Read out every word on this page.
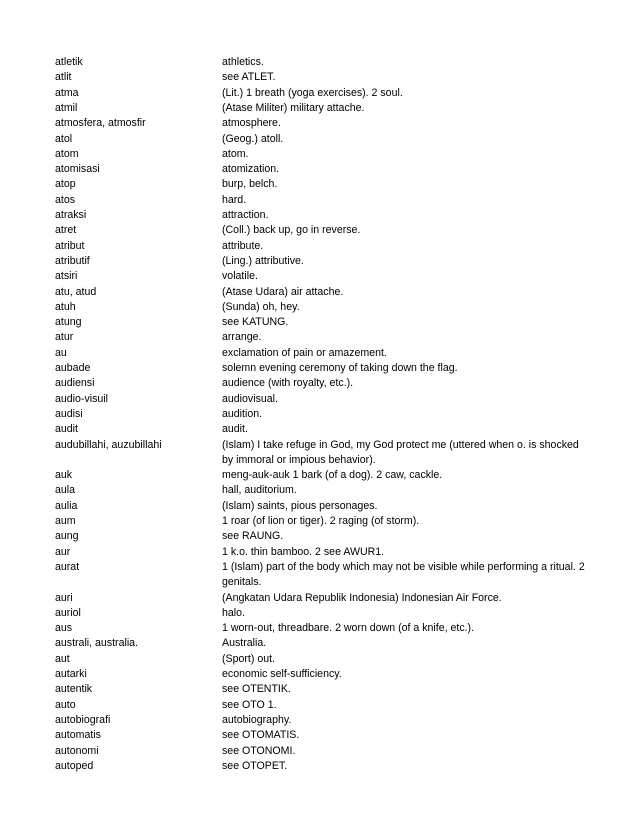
atletik	athletics.
atlit	see ATLET.
atma	(Lit.) 1 breath (yoga exercises). 2 soul.
atmil	(Atase Militer) military attache.
atmosfera, atmosfir	atmosphere.
atol	(Geog.) atoll.
atom	atom.
atomisasi	atomization.
atop	burp, belch.
atos	hard.
atraksi	attraction.
atret	(Coll.) back up, go in reverse.
atribut	attribute.
atributif	(Ling.) attributive.
atsiri	volatile.
atu, atud	(Atase Udara) air attache.
atuh	(Sunda) oh, hey.
atung	see KATUNG.
atur	arrange.
au	exclamation of pain or amazement.
aubade	solemn evening ceremony of taking down the flag.
audiensi	audience (with royalty, etc.).
audio-visuil	audiovisual.
audisi	audition.
audit	audit.
audubillahi, auzubillahi	(Islam) I take refuge in God, my God protect me (uttered when o. is shocked by immoral or impious behavior).
auk	meng-auk-auk 1 bark (of a dog). 2 caw, cackle.
aula	hall, auditorium.
aulia	(Islam) saints, pious personages.
aum	1 roar (of lion or tiger). 2 raging (of storm).
aung	see RAUNG.
aur	1 k.o. thin bamboo. 2 see AWUR1.
aurat	1 (Islam) part of the body which may not be visible while performing a ritual. 2 genitals.
auri	(Angkatan Udara Republik Indonesia) Indonesian Air Force.
auriol	halo.
aus	1 worn-out, threadbare. 2 worn down (of a knife, etc.).
australi, australia.	Australia.
aut	(Sport) out.
autarki	economic self-sufficiency.
autentik	see OTENTIK.
auto	see OTO 1.
autobiografi	autobiography.
automatis	see OTOMATIS.
autonomi	see OTONOMI.
autoped	see OTOPET.
